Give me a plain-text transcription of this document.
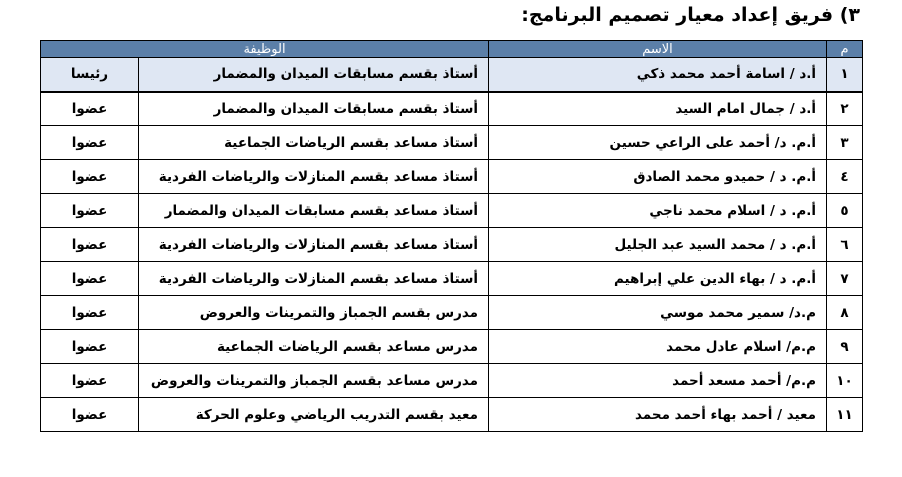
٣) فريق إعداد معيار تصميم البرنامج:
م	الاسم	الوظيفة	
١	أ.د / اسامة أحمد محمد ذكي	أستاذ بقسم مسابقات الميدان والمضمار	رئيسا
٢	أ.د / جمال امام السيد	أستاذ بقسم مسابقات الميدان والمضمار	عضوا
٣	أ.م. د/ أحمد على الراعي حسين	أستاذ مساعد بقسم الرياضات الجماعية	عضوا
٤	أ.م. د / حميدو محمد الصادق	أستاذ مساعد بقسم المنازلات والرياضات الفردية	عضوا
٥	أ.م. د / اسلام محمد ناجي	أستاذ مساعد بقسم مسابقات الميدان والمضمار	عضوا
٦	أ.م. د / محمد السيد عبد الجليل	أستاذ مساعد بقسم المنازلات والرياضات الفردية	عضوا
٧	أ.م. د / بهاء الدين علي إبراهيم	أستاذ مساعد بقسم المنازلات والرياضات الفردية	عضوا
٨	م.د/ سمير محمد موسي	مدرس بقسم الجمباز والتمرينات والعروض	عضوا
٩	م.م/ اسلام عادل محمد	مدرس مساعد بقسم الرياضات الجماعية	عضوا
١٠	م.م/ أحمد مسعد أحمد	مدرس مساعد بقسم الجمباز والتمرينات والعروض	عضوا
١١	معيد / أحمد بهاء أحمد محمد	معيد بقسم التدريب الرياضي وعلوم الحركة	عضوا
